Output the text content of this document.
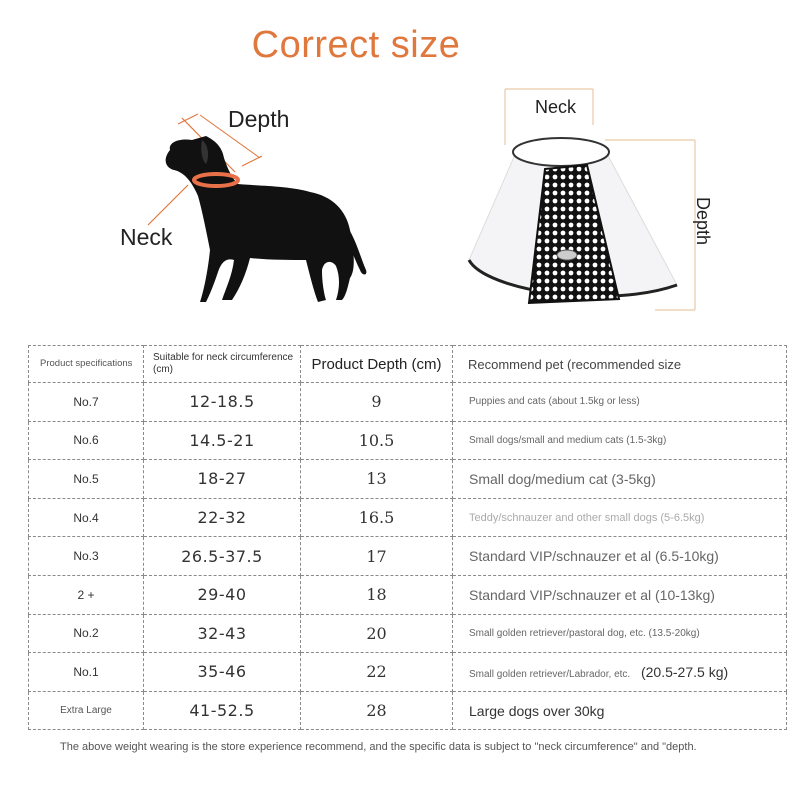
Correct size
Depth
Neck
Neck
Depth
Product specifications	Suitable for neck circumference (cm)	Product Depth (cm)	Recommend pet (recommended size
No.7	12-18.5	9	Puppies and cats (about 1.5kg or less)
No.6	14.5-21	10.5	Small dogs/small and medium cats (1.5-3kg)
No.5	18-27	13	Small dog/medium cat (3-5kg)
No.4	22-32	16.5	Teddy/schnauzer and other small dogs (5-6.5kg)
No.3	26.5-37.5	17	Standard VIP/schnauzer et al (6.5-10kg)
2 +	29-40	18	Standard VIP/schnauzer et al (10-13kg)
No.2	32-43	20	Small golden retriever/pastoral dog, etc. (13.5-20kg)
No.1	35-46	22	Small golden retriever/Labrador, etc. (20.5-27.5 kg)
Extra Large	41-52.5	28	Large dogs over 30kg
The above weight wearing is the store experience recommend, and the specific data is subject to "neck circumference" and "depth.
